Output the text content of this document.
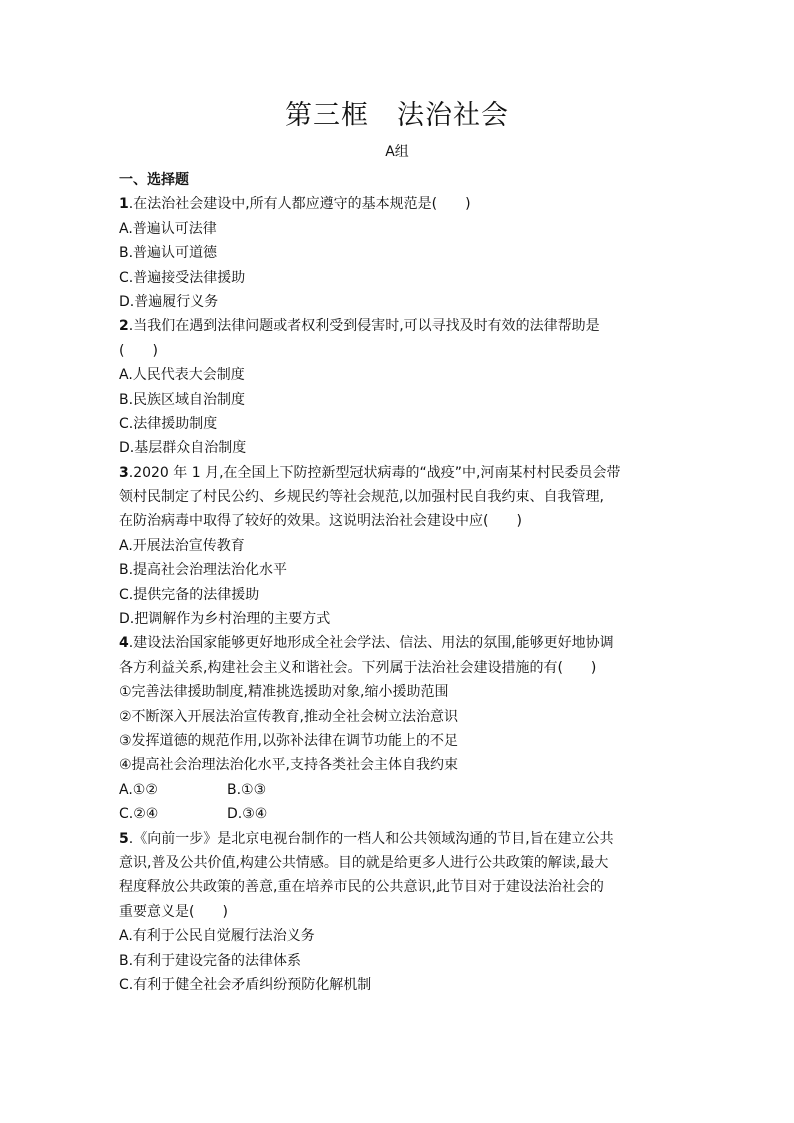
第三框　法治社会
A组
一、选择题
1.在法治社会建设中,所有人都应遵守的基本规范是(　　)
A.普遍认可法律
B.普遍认可道德
C.普遍接受法律援助
D.普遍履行义务
2.当我们在遇到法律问题或者权利受到侵害时,可以寻找及时有效的法律帮助是
(　　)
A.人民代表大会制度
B.民族区域自治制度
C.法律援助制度
D.基层群众自治制度
3.2020 年 1 月,在全国上下防控新型冠状病毒的“战疫”中,河南某村村民委员会带
领村民制定了村民公约、乡规民约等社会规范,以加强村民自我约束、自我管理,
在防治病毒中取得了较好的效果。这说明法治社会建设中应(　　)
A.开展法治宣传教育
B.提高社会治理法治化水平
C.提供完备的法律援助
D.把调解作为乡村治理的主要方式
4.建设法治国家能够更好地形成全社会学法、信法、用法的氛围,能够更好地协调
各方利益关系,构建社会主义和谐社会。下列属于法治社会建设措施的有(　　)
①完善法律援助制度,精准挑选援助对象,缩小援助范围
②不断深入开展法治宣传教育,推动全社会树立法治意识
③发挥道德的规范作用,以弥补法律在调节功能上的不足
④提高社会治理法治化水平,支持各类社会主体自我约束
A.①②	B.①③
C.②④	D.③④
5.《向前一步》是北京电视台制作的一档人和公共领域沟通的节目,旨在建立公共
意识,普及公共价值,构建公共情感。目的就是给更多人进行公共政策的解读,最大
程度释放公共政策的善意,重在培养市民的公共意识,此节目对于建设法治社会的
重要意义是(　　)
A.有利于公民自觉履行法治义务
B.有利于建设完备的法律体系
C.有利于健全社会矛盾纠纷预防化解机制
